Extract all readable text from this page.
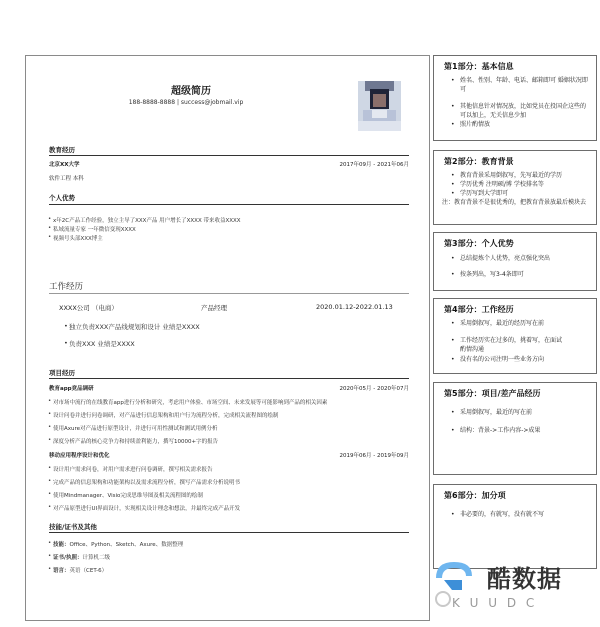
超级简历
188-8888-8888 | success@jobmail.vip
教育经历
北京XX大学	2017年09月 - 2021年06月
软件工程 本科
个人优势
• x年2C产品工作经验，独立主导了XXX产品 用户增长了XXXX 带来收益XXXX
• 私域流量专家 一年微信变现XXXX
• 视频号头部XXX博主
工作经历
XXXX公司 （电商）	产品经理	2020.01.12-2022.01.13
• 独立负责XXX产品线规划和设计 业绩是XXXX
• 负责XXX 业绩是XXXX
项目经历
教育app竞品调研	2020年05月 - 2020年07月
• 对市场中流行的在线教育app进行分析和研究，考虑用户体验、市场空间、未来发展等可能影响到产品的相关因素
• 设计问卷并进行问卷调研，对产品进行信息架构和用户行为流程分析，完成相关流程图的绘制
• 使用Axure对产品进行原型设计，并进行可用性测试和测试用例分析
• 深度分析产品的核心竞争力和持续盈利能力，撰写10000+字的报告
移动应用程序设计和优化	2019年06月 - 2019年09月
• 设计用户需求问卷，对用户需求进行问卷调研，撰写相关需求报告
• 完成产品的信息架构和功能架构以及需求流程分析，撰写产品需求分析说明书
• 使用Mindmanager、Visio完成思维导图及相关流程图的绘制
• 对产品原型进行UI界面设计，实现相关设计理念和想法，并最终完成产品开发
技能/证书及其他
• 技能：Office、Python、Sketch、Axure、数据整理
• 证书/执照：计算机二级
• 语言：英语（CET-6）
第1部分：基本信息
• 姓名、性别、年龄、电话、邮箱即可 婚姻状况即可
• 其他信息针对情况放，比如党员在投国企这些的可以加上，无关信息少加
• 照片酌情放
第2部分：教育背景
• 教育背景采用倒叙写，先写最近的学历
• 学历优秀 注明硕/博 学校排名等
• 学历写到大学即可
注：教育背景不是很优秀的，把教育背景放最后模块去
第3部分：个人优势
• 总结提炼个人优势，亮点强化突出
• 按条列出，写3-4条即可
第4部分：工作经历
• 采用倒叙写，最近的经历写在前
• 工作经历实在过多的，挑着写，在面试酌情沟通
• 没有名的公司注明一些业务方向
第5部分：项目/差产品经历
• 采用倒叙写，最近的写在前
• 结构：背景->工作内容->成果
第6部分：加分项
• 非必要的，有就写，没有就不写
酷数据
K U U D C
